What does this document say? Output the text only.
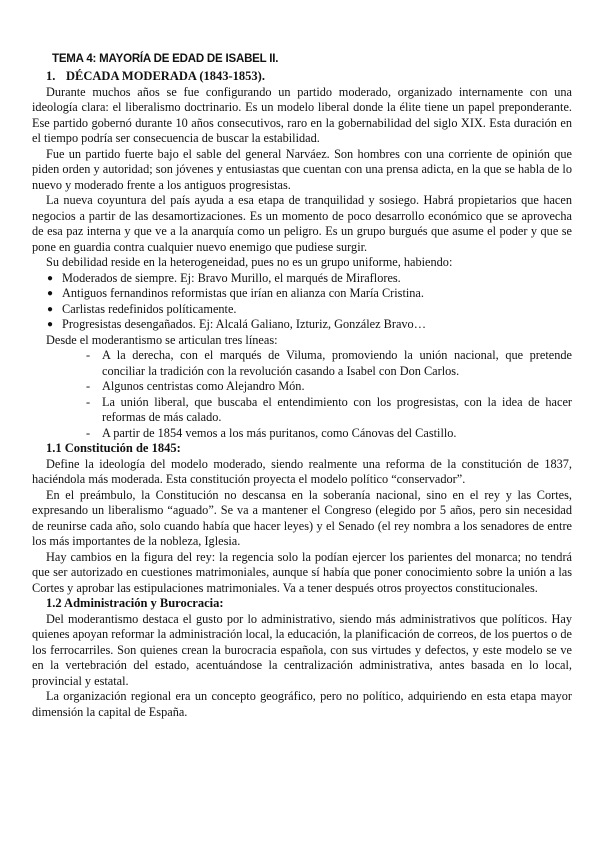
TEMA 4: MAYORÍA DE EDAD DE ISABEL II.
1. DÉCADA MODERADA (1843-1853).

Durante muchos años se fue configurando un partido moderado, organizado internamente con una ideología clara: el liberalismo doctrinario. Es un modelo liberal donde la élite tiene un papel preponderante. Ese partido gobernó durante 10 años consecutivos, raro en la gobernabilidad del siglo XIX. Esta duración en el tiempo podría ser consecuencia de buscar la estabilidad.

Fue un partido fuerte bajo el sable del general Narváez. Son hombres con una corriente de opinión que piden orden y autoridad; son jóvenes y entusiastas que cuentan con una prensa adicta, en la que se habla de lo nuevo y moderado frente a los antiguos progresistas.

La nueva coyuntura del país ayuda a esa etapa de tranquilidad y sosiego. Habrá propietarios que hacen negocios a partir de las desamortizaciones. Es un momento de poco desarrollo económico que se aprovecha de esa paz interna y que ve a la anarquía como un peligro. Es un grupo burgués que asume el poder y que se pone en guardia contra cualquier nuevo enemigo que pudiese surgir.

Su debilidad reside en la heterogeneidad, pues no es un grupo uniforme, habiendo:

● Moderados de siempre. Ej: Bravo Murillo, el marqués de Miraflores.
● Antiguos fernandinos reformistas que irían en alianza con María Cristina.
● Carlistas redefinidos políticamente.
● Progresistas desengañados. Ej: Alcalá Galiano, Izturiz, González Bravo…

Desde el moderantismo se articulan tres líneas:

- A la derecha, con el marqués de Viluma, promoviendo la unión nacional, que pretende conciliar la tradición con la revolución casando a Isabel con Don Carlos.
- Algunos centristas como Alejandro Món.
- La unión liberal, que buscaba el entendimiento con los progresistas, con la idea de hacer reformas de más calado.
- A partir de 1854 vemos a los más puritanos, como Cánovas del Castillo.
1.1 Constitución de 1845:

Define la ideología del modelo moderado, siendo realmente una reforma de la constitución de 1837, haciéndola más moderada. Esta constitución proyecta el modelo político “conservador”.

En el preámbulo, la Constitución no descansa en la soberanía nacional, sino en el rey y las Cortes, expresando un liberalismo “aguado”. Se va a mantener el Congreso (elegido por 5 años, pero sin necesidad de reunirse cada año, solo cuando había que hacer leyes) y el Senado (el rey nombra a los senadores de entre los más importantes de la nobleza, Iglesia.

Hay cambios en la figura del rey: la regencia solo la podían ejercer los parientes del monarca; no tendrá que ser autorizado en cuestiones matrimoniales, aunque sí había que poner conocimiento sobre la unión a las Cortes y aprobar las estipulaciones matrimoniales. Va a tener después otros proyectos constitucionales.

1.2 Administración y Burocracia:

Del moderantismo destaca el gusto por lo administrativo, siendo más administrativos que políticos. Hay quienes apoyan reformar la administración local, la educación, la planificación de correos, de los puertos o de los ferrocarriles. Son quienes crean la burocracia española, con sus virtudes y defectos, y este modelo se ve en la vertebración del estado, acentuándose la centralización administrativa, antes basada en lo local, provincial y estatal.

La organización regional era un concepto geográfico, pero no político, adquiriendo en esta etapa mayor dimensión la capital de España.
